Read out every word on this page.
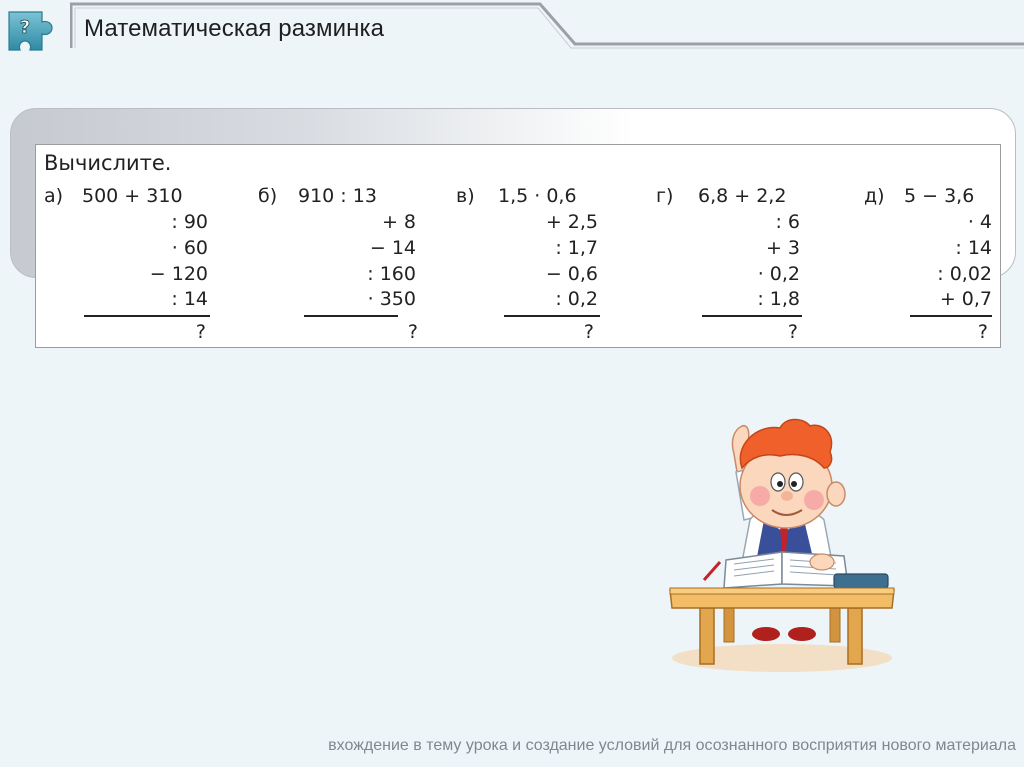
? Математическая разминка
Вычислите.
а) 500 + 310
: 90
· 60
− 120
: 14
?
б) 910 : 13
+ 8
− 14
: 160
· 350
?
в) 1,5 · 0,6
+ 2,5
: 1,7
− 0,6
: 0,2
?
г) 6,8 + 2,2
: 6
+ 3
· 0,2
: 1,8
?
д) 5 − 3,6
· 4
: 14
: 0,02
+ 0,7
?
вхождение в тему урока и создание условий для осознанного восприятия нового материала
